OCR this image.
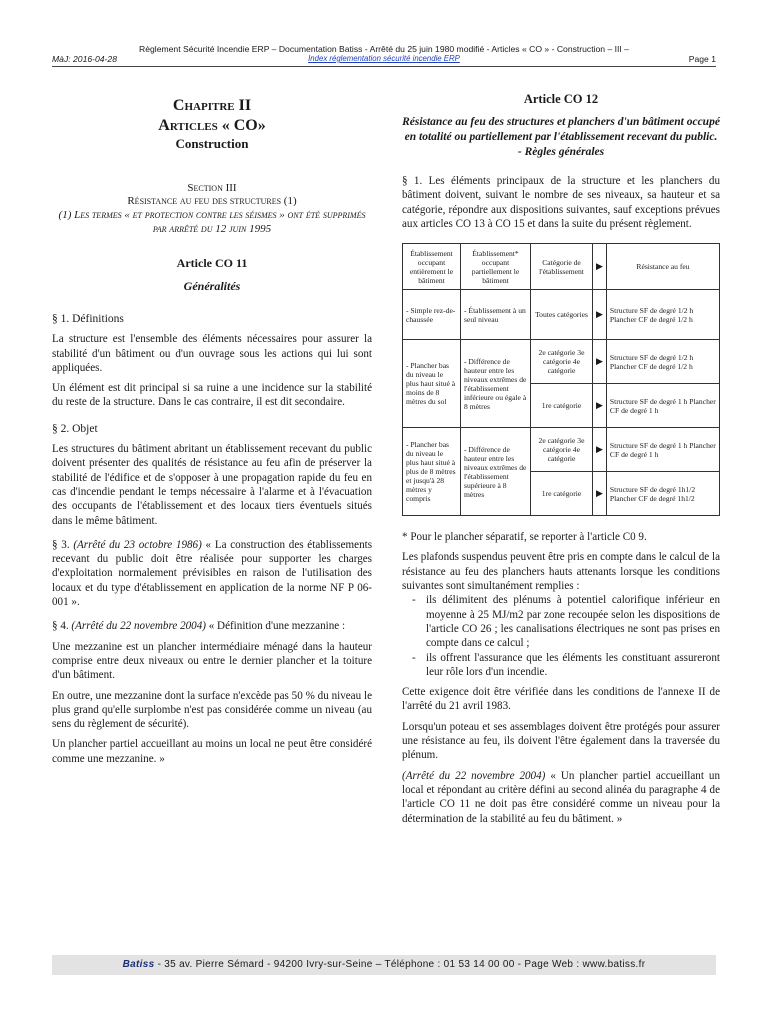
Règlement Sécurité Incendie ERP – Documentation Batiss - Arrêté du 25 juin 1980 modifié - Articles « CO » - Construction – III –
MàJ: 2016-04-28	Index réglementation sécurité incendie ERP	Page 1
Chapitre II
Articles « CO»
Construction
Section III
Résistance au feu des structures (1)
(1) Les termes « et protection contre les séismes » ont été supprimés par arrêté du 12 juin 1995
Article CO 11
Généralités
§ 1. Définitions

La structure est l'ensemble des éléments nécessaires pour assurer la stabilité d'un bâtiment ou d'un ouvrage sous les actions qui lui sont appliquées.

Un élément est dit principal si sa ruine a une incidence sur la stabilité du reste de la structure. Dans le cas contraire, il est dit secondaire.

§ 2. Objet

Les structures du bâtiment abritant un établissement recevant du public doivent présenter des qualités de résistance au feu afin de préserver la stabilité de l'édifice et de s'opposer à une propagation rapide du feu en cas d'incendie pendant le temps nécessaire à l'alarme et à l'évacuation des occupants de l'établissement et des locaux tiers éventuels situés dans le même bâtiment.

§ 3. (Arrêté du 23 octobre 1986) « La construction des établissements recevant du public doit être réalisée pour supporter les charges d'exploitation normalement prévisibles en raison de l'utilisation des locaux et du type d'établissement en application de la norme NF P 06-001 ».

§ 4. (Arrêté du 22 novembre 2004) « Définition d'une mezzanine :

Une mezzanine est un plancher intermédiaire ménagé dans la hauteur comprise entre deux niveaux ou entre le dernier plancher et la toiture d'un bâtiment.

En outre, une mezzanine dont la surface n'excède pas 50 % du niveau le plus grand qu'elle surplombe n'est pas considérée comme un niveau (au sens du règlement de sécurité).

Un plancher partiel accueillant au moins un local ne peut être considéré comme une mezzanine. »

Article CO 12
Résistance au feu des structures et planchers d'un bâtiment occupé en totalité ou partiellement par l'établissement recevant du public. - Règles générales

§ 1. Les éléments principaux de la structure et les planchers du bâtiment doivent, suivant le nombre de ses niveaux, sa hauteur et sa catégorie, répondre aux dispositions suivantes, sauf exceptions prévues aux articles CO 13 à CO 15 et dans la suite du présent règlement.

Établissement occupant entièrement le bâtiment	Établissement* occupant partiellement le bâtiment	Catégorie de l'établissement	▶	Résistance au feu
- Simple rez-de-chaussée	- Établissement à un seul niveau	Toutes catégories	▶	Structure SF de degré 1/2 h Plancher CF de degré 1/2 h
- Plancher bas du niveau le plus haut situé à moins de 8 mètres du sol	- Différence de hauteur entre les niveaux extrêmes de l'établissement inférieure ou égale à 8 mètres	2e catégorie 3e catégorie 4e catégorie	▶	Structure SF de degré 1/2 h Plancher CF de degré 1/2 h
		1re catégorie	▶	Structure SF de degré 1 h Plancher CF de degré 1 h
- Plancher bas du niveau le plus haut situé à plus de 8 mètres et jusqu'à 28 mètres y compris	- Différence de hauteur entre les niveaux extrêmes de l'établissement supérieure à 8 mètres	2e catégorie 3e catégorie 4e catégorie	▶	Structure SF de degré 1 h Plancher CF de degré 1 h
		1re catégorie	▶	Structure SF de degré 1h1/2 Plancher CF de degré 1h1/2

* Pour le plancher séparatif, se reporter à l'article C0 9.

Les plafonds suspendus peuvent être pris en compte dans le calcul de la résistance au feu des planchers hauts attenants lorsque les conditions suivantes sont simultanément remplies :

- ils délimitent des plénums à potentiel calorifique inférieur en moyenne à 25 MJ/m2 par zone recoupée selon les dispositions de l'article CO 26 ; les canalisations électriques ne sont pas prises en compte dans ce calcul ;
- ils offrent l'assurance que les éléments les constituant assureront leur rôle lors d'un incendie.

Cette exigence doit être vérifiée dans les conditions de l'annexe II de l'arrêté du 21 avril 1983.

Lorsqu'un poteau et ses assemblages doivent être protégés pour assurer une résistance au feu, ils doivent l'être également dans la traversée du plénum.

(Arrêté du 22 novembre 2004) « Un plancher partiel accueillant un local et répondant au critère défini au second alinéa du paragraphe 4 de l'article CO 11 ne doit pas être considéré comme un niveau pour la détermination de la stabilité au feu du bâtiment. »

Batiss - 35 av. Pierre Sémard - 94200 Ivry-sur-Seine – Téléphone : 01 53 14 00 00 - Page Web : www.batiss.fr
